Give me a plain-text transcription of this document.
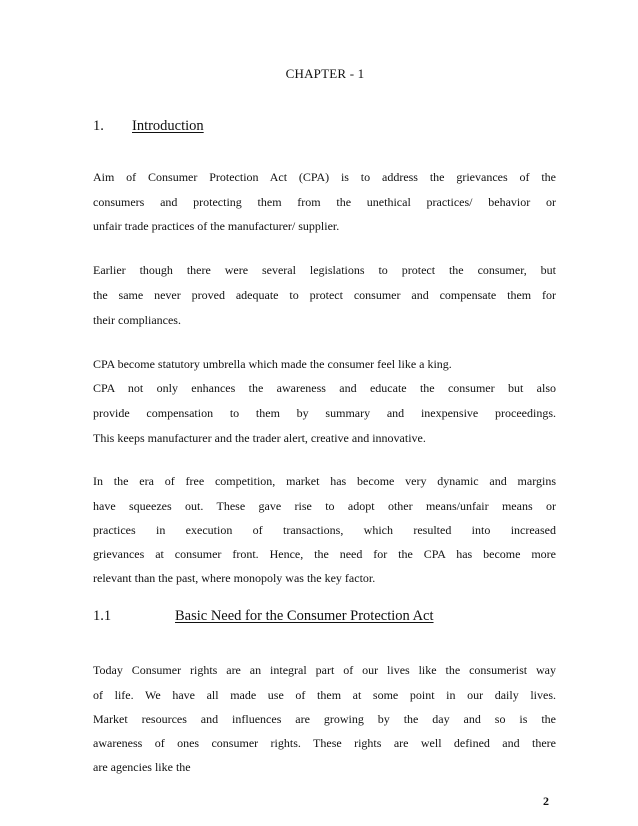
CHAPTER - 1
1. Introduction
Aim of Consumer Protection Act (CPA) is to address the grievances of the
consumers and protecting them from the unethical practices/ behavior or
unfair trade practices of the manufacturer/ supplier.
Earlier though there were several legislations to protect the consumer, but
the same never proved adequate to protect consumer and compensate them for
their compliances.
CPA become statutory umbrella which made the consumer feel like a king.
CPA not only enhances the awareness and educate the consumer but also
provide compensation to them by summary and inexpensive proceedings.
This keeps manufacturer and the trader alert, creative and innovative.
In the era of free competition, market has become very dynamic and margins
have squeezes out. These gave rise to adopt other means/unfair means or
practices in execution of transactions, which resulted into increased
grievances at consumer front. Hence, the need for the CPA has become more
relevant than the past, where monopoly was the key factor.
1.1	Basic Need for the Consumer Protection Act
Today Consumer rights are an integral part of our lives like the consumerist way
of life. We have all made use of them at some point in our daily lives.
Market resources and influences are growing by the day and so is the
awareness of ones consumer rights. These rights are well defined and there
are agencies like the
2
